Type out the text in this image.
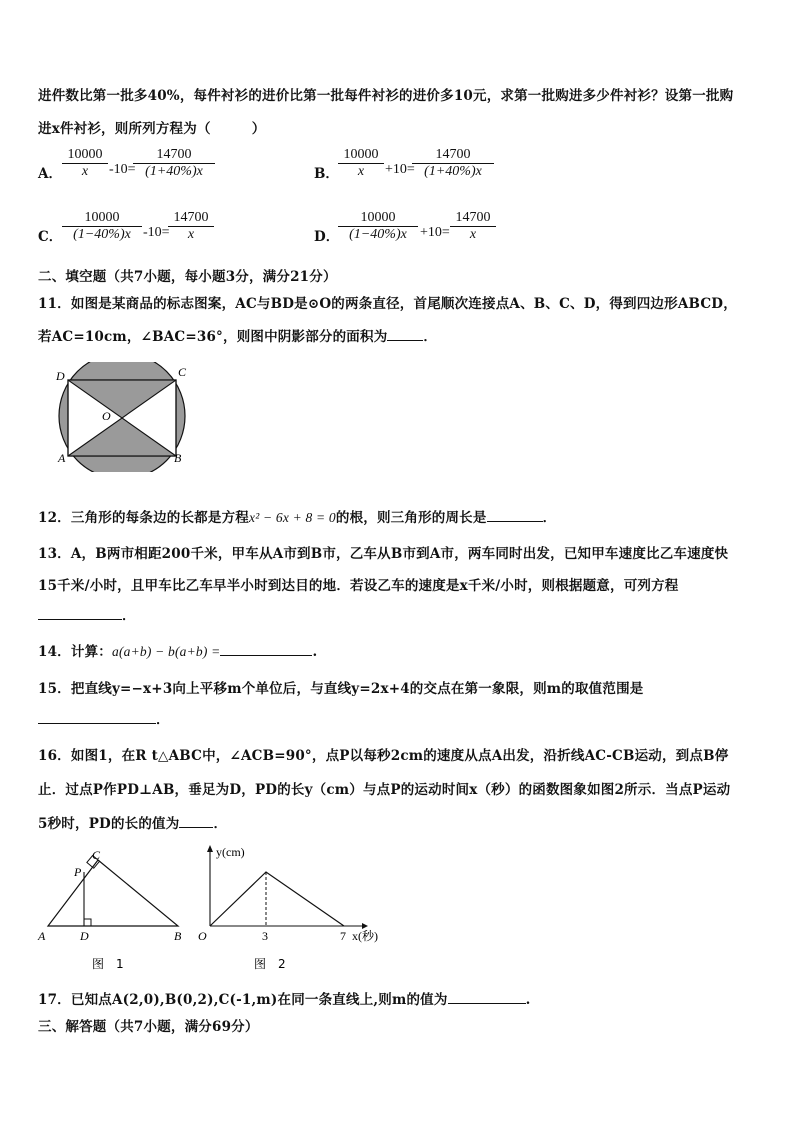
进件数比第一批多40%，每件衬衫的进价比第一批每件衬衫的进价多10元，求第一批购进多少件衬衫？设第一批购
进x件衬衫，则所列方程为（　　　）
A． $\frac{10000}{x} -10=$
$\frac{14700}{(1+40\%)x}$	B． $\frac{10000}{x} +10=$
$\frac{14700}{(1+40\%)x}$
C． $\frac{10000}{(1-40\%)x} -10=$
$\frac{14700}{x}$	D．
$\frac{10000}{(1-40\%)x} +10= \frac{14700}{x}$
二、填空题（共7小题，每小题3分，满分21分）
11．如图是某商品的标志图案，AC与BD是⊙O的两条直径，首尾顺次连接点A、B、C、D，得到四边形ABCD，
若AC=10cm，∠BAC=36°，则图中阴影部分的面积为	．
D	C
O
A	B
12．三角形的每条边的长都是方程x² − 6x + 8 = 0的根，则三角形的周长是	．
13．A，B两市相距200千米，甲车从A市到B市，乙车从B市到A市，两车同时出发，已知甲车速度比乙车速度快
15千米/小时，且甲车比乙车早半小时到达目的地．若设乙车的速度是x千米/小时，则根据题意，可列方程
．
14．计算：a(a+b) − b(a+b) =	.
15．把直线y=−x+3向上平移m个单位后，与直线y=2x+4的交点在第一象限，则m的取值范围是
．
16．如图1，在R t△ABC中，∠ACB=90°，点P以每秒2cm的速度从点A出发，沿折线AC-CB运动，到点B停
止．过点P作PD⊥AB，垂足为D，PD的长y（cm）与点P的运动时间x（秒）的函数图象如图2所示．当点P运动
5秒时，PD的长的值为	．
C
P
A	D	B
图　1
y(cm)
x(秒)
O	3	7
图　2
17．已知点A(2,0),B(0,2),C(-1,m)在同一条直线上,则m的值为	.
三、解答题（共7小题，满分69分）
